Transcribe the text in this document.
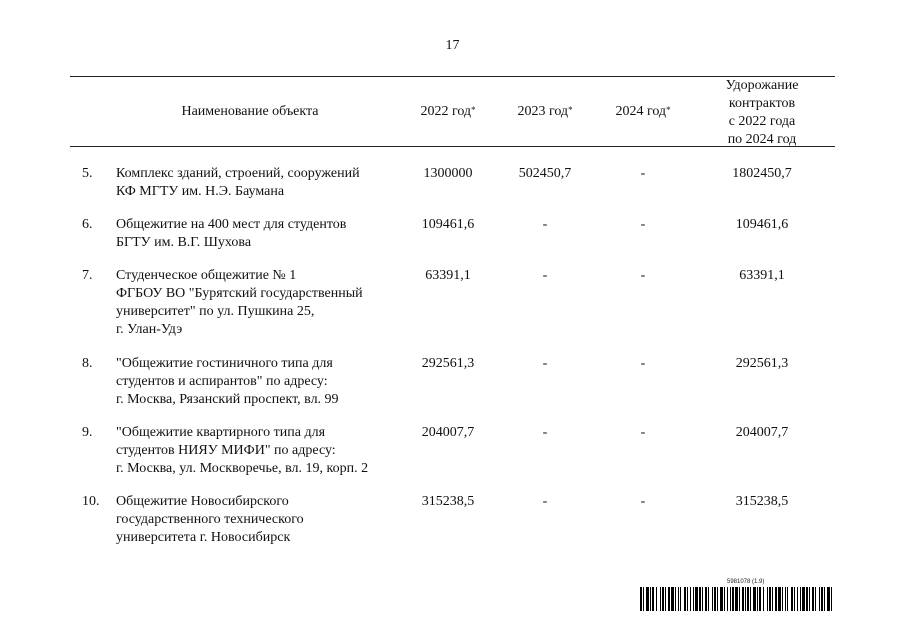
17
Наименование объекта	2022 год*	2023 год*	2024 год*
Удорожание
контрактов
с 2022 года
по 2024 год
5.	Комплекс зданий, строений, сооружений
КФ МГТУ им. Н.Э. Баумана
1300000	502450,7	-	1802450,7
6.	Общежитие на 400 мест для студентов
БГТУ им. В.Г. Шухова
109461,6	-	-	109461,6
7.	Студенческое общежитие № 1
ФГБОУ ВО "Бурятский государственный
университет" по ул. Пушкина 25,
г. Улан-Удэ
63391,1	-	-	63391,1
8.	"Общежитие гостиничного типа для
студентов и аспирантов" по адресу:
г. Москва, Рязанский проспект, вл. 99
292561,3	-	-	292561,3
9.	"Общежитие квартирного типа для
студентов НИЯУ МИФИ" по адресу:
г. Москва, ул. Москворечье, вл. 19, корп. 2
204007,7	-	-	204007,7
10. Общежитие Новосибирского
государственного технического
университета г. Новосибирск
315238,5	-	-	315238,5
5981078 (1.9)
